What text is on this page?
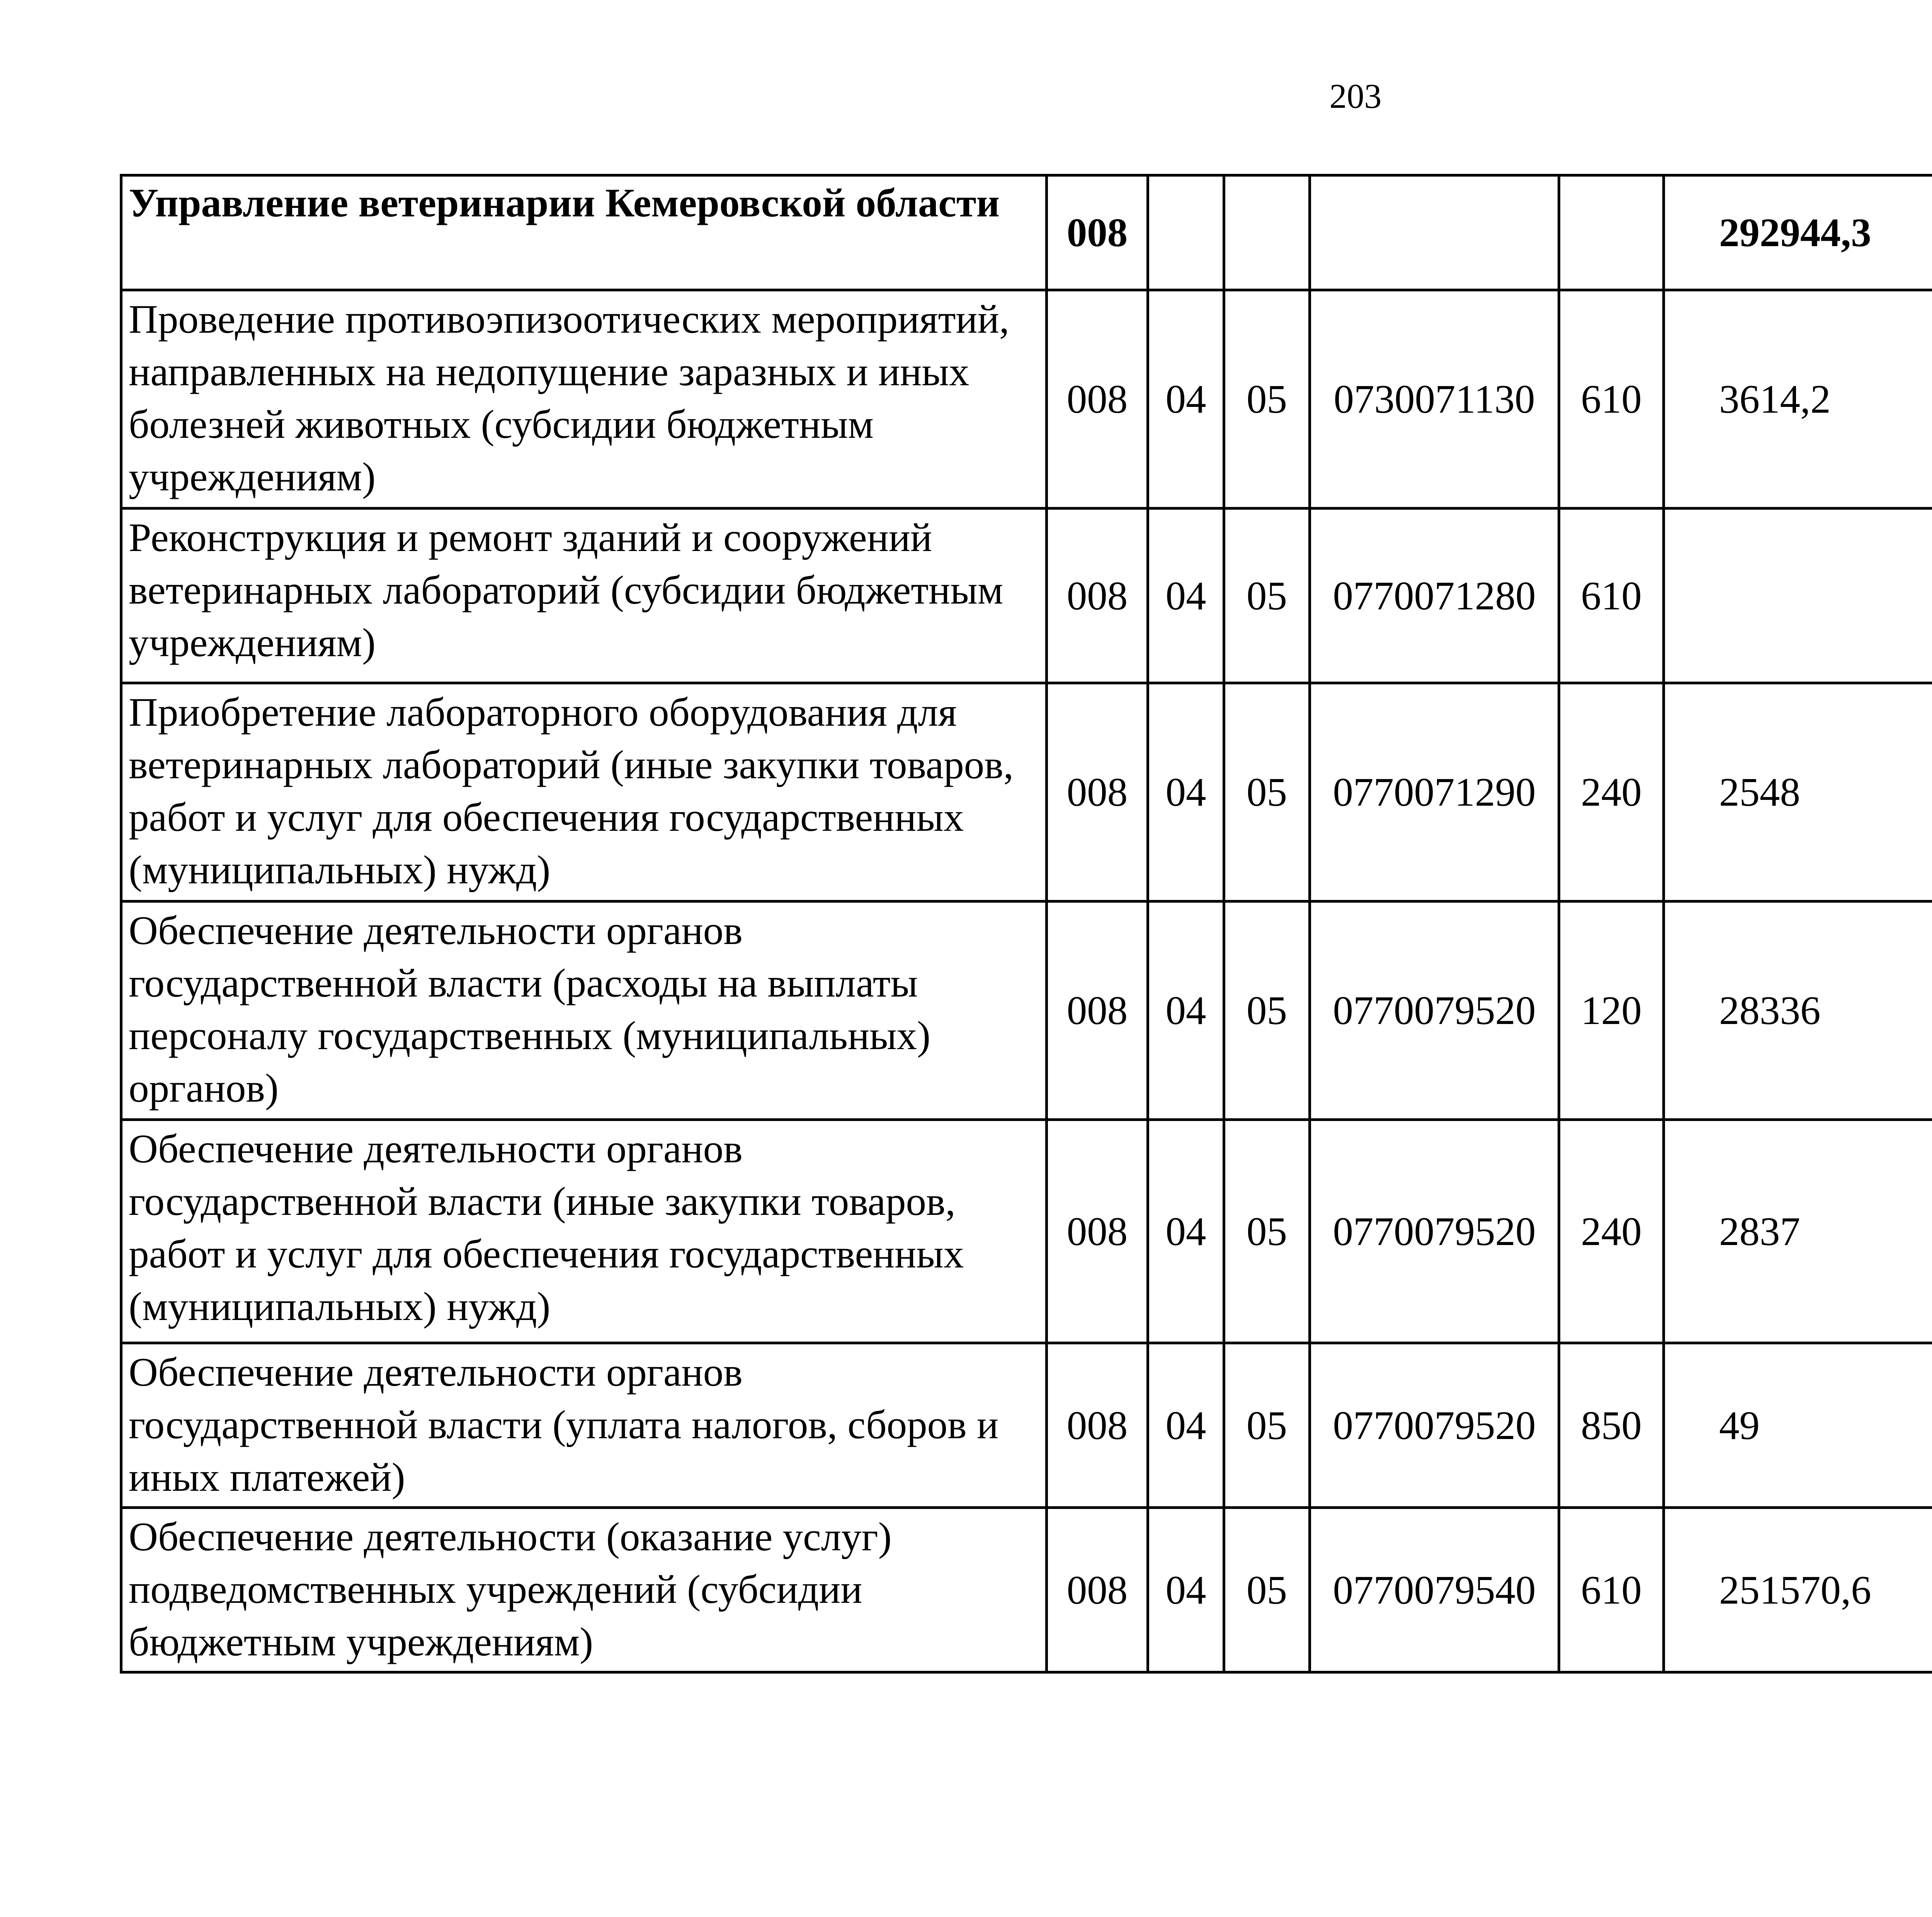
203
Управление ветеринарии Кемеровской области	008					292944,3		
Проведение противоэпизоотических мероприятий, направленных на недопущение заразных и иных болезней животных (субсидии бюджетным учреждениям)	008	04	05	0730071130	610	3614,2		
Реконструкция и ремонт зданий и сооружений ветеринарных лабораторий (субсидии бюджетным учреждениям)	008	04	05	0770071280	610			
Приобретение лабораторного оборудования для ветеринарных лабораторий (иные закупки товаров, работ и услуг для обеспечения государственных (муниципальных) нужд)	008	04	05	0770071290	240	2548		
Обеспечение деятельности органов государственной власти (расходы на выплаты персоналу государственных (муниципальных) органов)	008	04	05	0770079520	120	28336		
Обеспечение деятельности органов государственной власти (иные закупки товаров, работ и услуг для обеспечения государственных (муниципальных) нужд)	008	04	05	0770079520	240	2837		
Обеспечение деятельности органов государственной власти (уплата налогов, сборов и иных платежей)	008	04	05	0770079520	850	49		
Обеспечение деятельности (оказание услуг) подведомственных учреждений (субсидии бюджетным учреждениям)	008	04	05	0770079540	610	251570,6		
